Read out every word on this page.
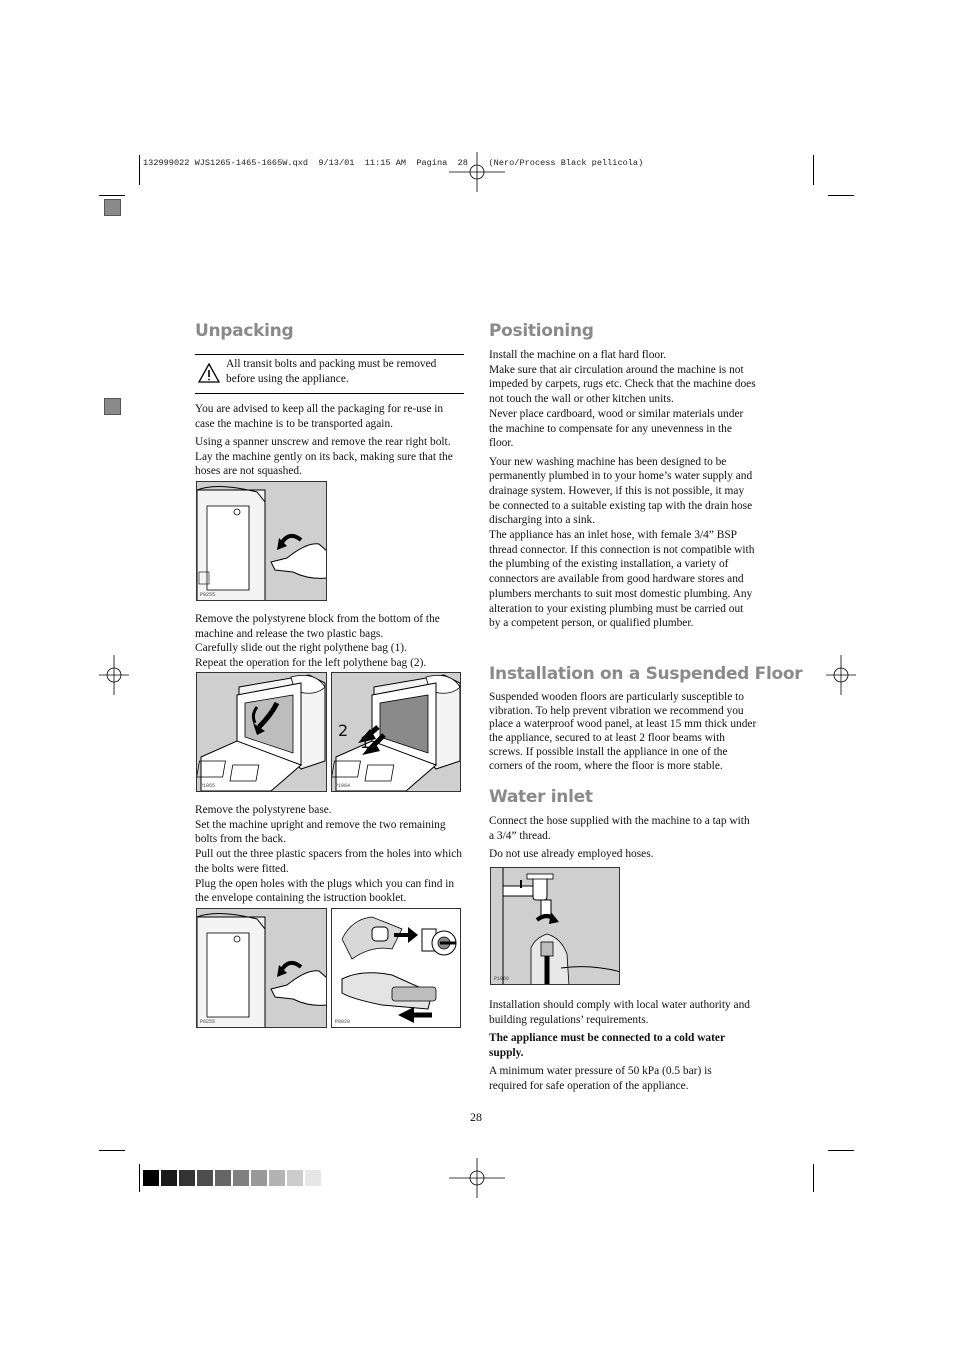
132999022 WJS1265-1465-1665W.qxd  9/13/01  11:15 AM  Pagina  28    (Nero/Process Black pellicola)
Unpacking
All transit bolts and packing must be removed before using the appliance.

You are advised to keep all the packaging for re-use in case the machine is to be transported again.

Using a spanner unscrew and remove the rear right bolt. Lay the machine gently on its back, making sure that the hoses are not squashed.

P0255

Remove the polystyrene block from the bottom of the machine and release the two plastic bags.

Carefully slide out the right polythene bag (1).

Repeat the operation for the left polythene bag (2).

P1065
2
1
P1064

Remove the polystyrene base.

Set the machine upright and remove the two remaining bolts from the back.

Pull out the three plastic spacers from the holes into which the bolts were fitted.

Plug the open holes with the plugs which you can find in the envelope containing the istruction booklet.

P0255	P0020
Positioning

Install the machine on a flat hard floor.

Make sure that air circulation around the machine is not impeded by carpets, rugs etc. Check that the machine does not touch the wall or other kitchen units.

Never place cardboard, wood or similar materials under the machine to compensate for any unevenness in the floor.

Your new washing machine has been designed to be permanently plumbed in to your home’s water supply and drainage system. However, if this is not possible, it may be connected to a suitable existing tap with the drain hose discharging into a sink.

The appliance has an inlet hose, with female 3/4” BSP thread connector. If this connection is not compatible with the plumbing of the existing installation, a variety of connectors are available from good hardware stores and plumbers merchants to suit most domestic plumbing. Any alteration to your existing plumbing must be carried out by a competent person, or qualified plumber.

Installation on a Suspended Floor

Suspended wooden floors are particularly susceptible to vibration. To help prevent vibration we recommend you place a waterproof wood panel, at least 15 mm thick under the appliance, secured to at least 2 floor beams with screws. If possible install the appliance in one of the corners of the room, where the floor is more stable.

Water inlet

Connect the hose supplied with the machine to a tap with a 3/4” thread.

Do not use already employed hoses.

P1066

Installation should comply with local water authority and building regulations’ requirements.

The appliance must be connected to a cold water supply.

A minimum water pressure of 50 kPa (0.5 bar) is required for safe operation of the appliance.

28
